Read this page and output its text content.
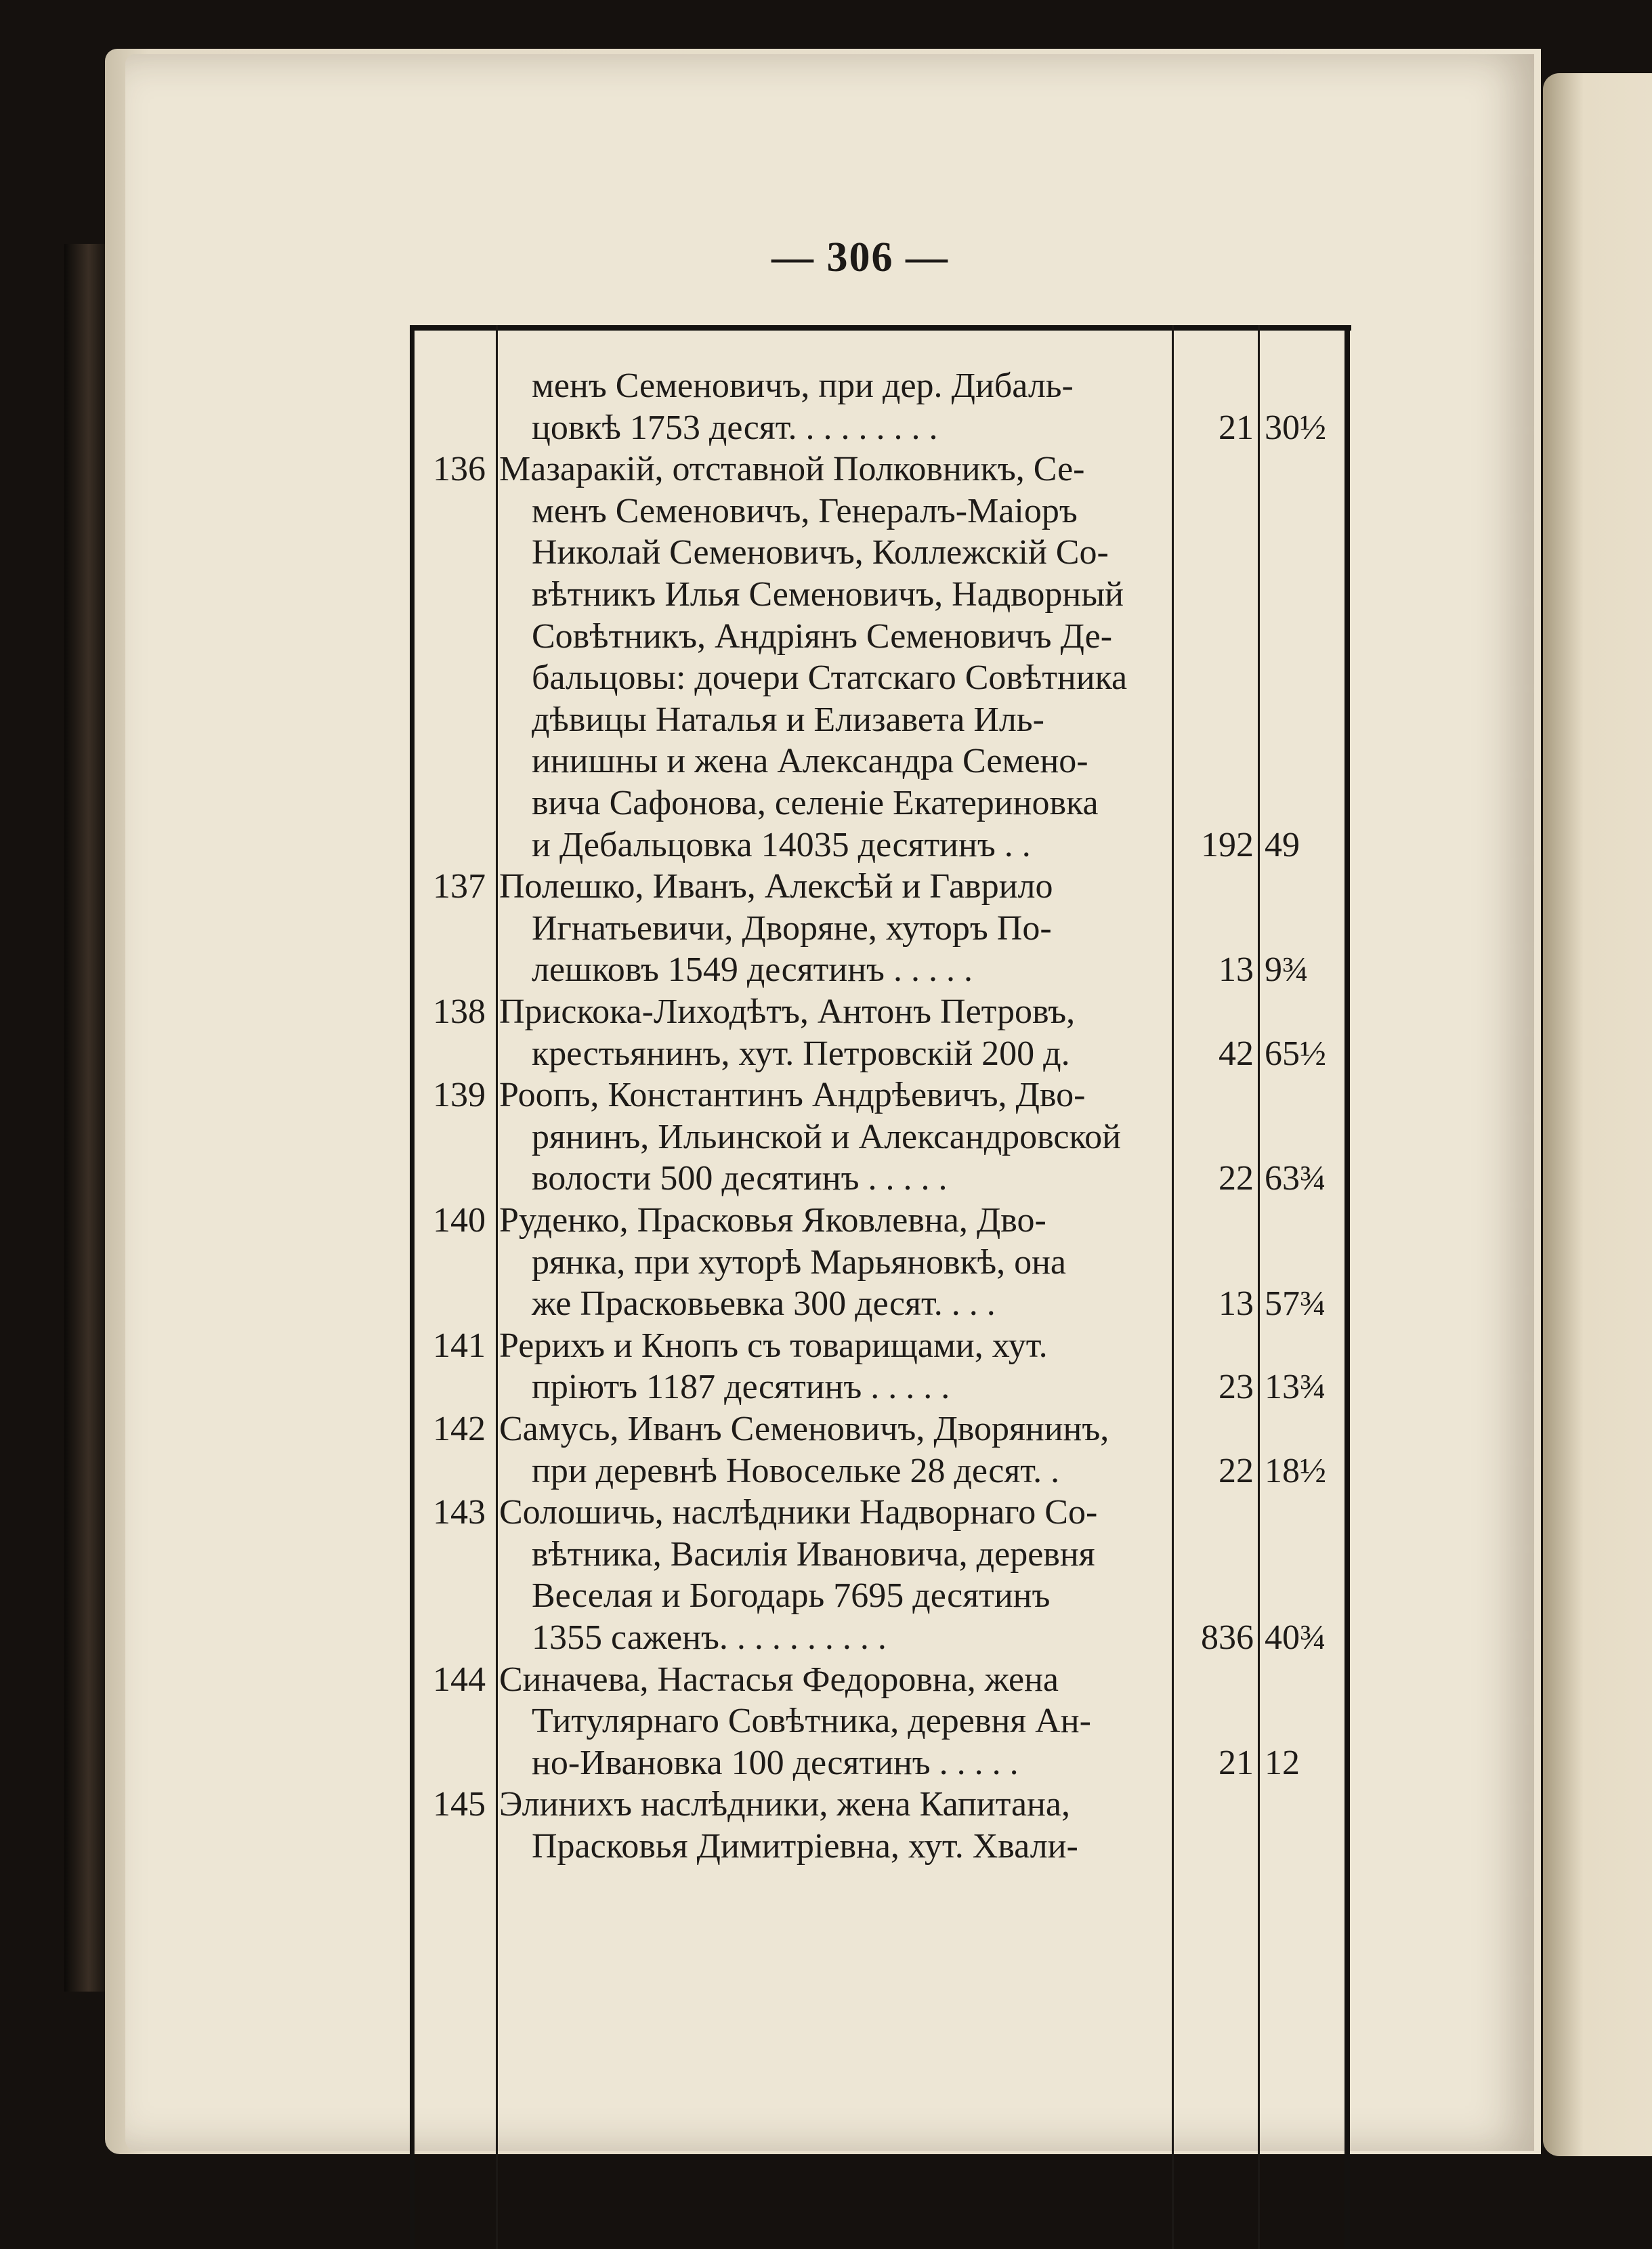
— 306 —
менъ Семеновичъ, при дер. Дибаль-
цовкѣ 1753 десят. . . . . . . . .	21 30½
136 Мазаракій, отставной Полковникъ, Се-
менъ Семеновичъ, Генералъ-Маіоръ
Николай Семеновичъ, Коллежскій Со-
вѣтникъ Илья Семеновичъ, Надворный
Совѣтникъ, Андріянъ Семеновичъ Де-
бальцовы: дочери Статскаго Совѣтника
дѣвицы Наталья и Елизавета Иль-
инишны и жена Александра Семено-
вича Сафонова, селеніе Екатериновка
и Дебальцовка 14035 десятинъ . .	192 49
137 Полешко, Иванъ, Алексѣй и Гаврило
Игнатьевичи, Дворяне, хуторъ По-
лешковъ 1549 десятинъ . . . . .	13 9¾
138 Прискока-Лиходѣтъ, Антонъ Петровъ,
крестьянинъ, хут. Петровскій 200 д.	42 65½
139 Роопъ, Константинъ Андрѣевичъ, Дво-
рянинъ, Ильинской и Александровской
волости 500 десятинъ . . . . .	22 63¾
140 Руденко, Прасковья Яковлевна, Дво-
рянка, при хуторѣ Марьяновкѣ, она
же Прасковьевка 300 десят. . . .	13 57¾
141 Рерихъ и Кнопъ съ товарищами, хут.
пріютъ 1187 десятинъ . . . . .	23 13¾
142 Самусь, Иванъ Семеновичъ, Дворянинъ,
при деревнѣ Новосельке 28 десят. .	22 18½
143 Солошичь, наслѣдники Надворнаго Со-
вѣтника, Василія Ивановича, деревня
Веселая и Богодарь 7695 десятинъ
1355 саженъ. . . . . . . . . .	836 40¾
144 Синачева, Настасья Федоровна, жена
Титулярнаго Совѣтника, деревня Ан-
но-Ивановка 100 десятинъ . . . . .	21 12
145 Элиниxъ наслѣдники, жена Капитана,
Прасковья Димитріевна, хут. Хвали-
